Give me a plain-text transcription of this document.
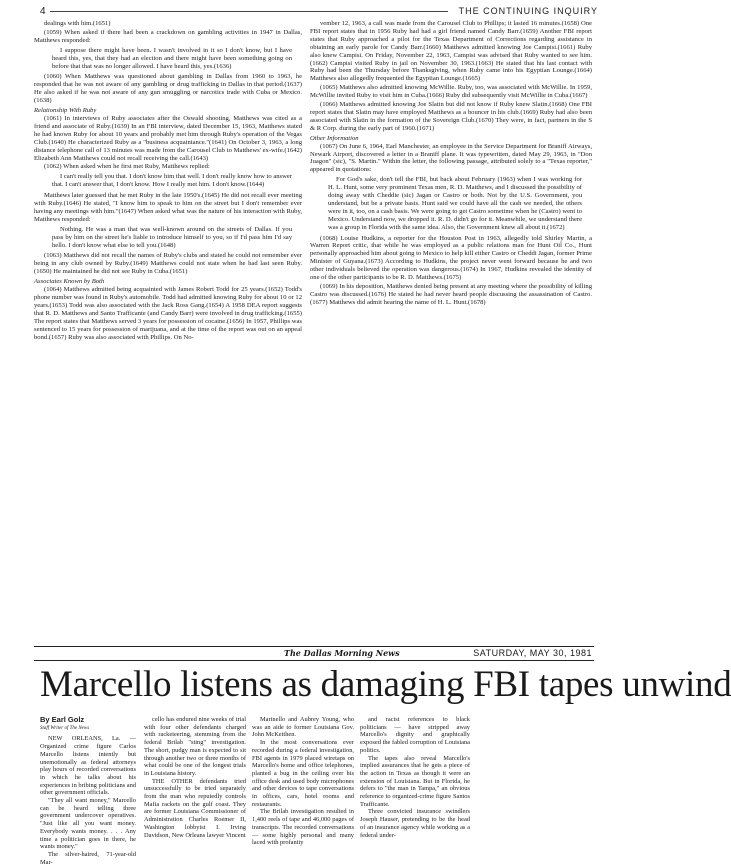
4	THE CONTINUING INQUIRY

dealings with him.(1651)

(1059) When asked if there had been a crackdown on gambling activities in 1947 in Dallas, Matthews responded:

I suppose there might have been. I wasn't involved in it so I don't know, but I have heard this, yes, that they had an election and there might have been something going on before that that was no longer allowed. I have heard this, yes.(1636)

(1060) When Matthews was questioned about gambling in Dallas from 1960 to 1963, he responded that he was not aware of any gambling or drug trafficking in Dallas in that period.(1637) He also asked if he was not aware of any gun smuggling or narcotics trade with Cuba or Mexico.(1638)

Relationship With Ruby

(1061) In interviews of Ruby associates after the Oswald shooting, Matthews was cited as a friend and associate of Ruby.(1639) In an FBI interview, dated December 15, 1963, Matthews stated he had known Ruby for about 10 years and probably met him through Ruby's operation of the Vegas Club.(1640) He characterized Ruby as a "business acquaintance."(1641) On October 3, 1963, a long distance telephone call of 13 minutes was made from the Carousel Club to Matthews' ex-wife.(1642) Elizabeth Ann Matthews could not recall receiving the call.(1643)

(1062) When asked when he first met Ruby, Matthews replied:

I can't really tell you that. I don't know him that well. I don't really know how to answer that. I can't answer that, I don't know. How I really met him. I don't know.(1644)

Matthews later guessed that he met Ruby in the late 1950's.(1645) He did not recall ever meeting with Ruby.(1646) He stated, "I know him to speak to him on the street but I don't remember ever having any meetings with him."(1647) When asked what was the nature of his interaction with Ruby, Matthews responded:

Nothing. He was a man that was well-known around on the streets of Dallas. If you pass by him on the street he's liable to introduce himself to you, so if I'd pass him I'd say hello. I don't know what else to tell you.(1648)

(1063) Matthews did not recall the names of Ruby's clubs and stated he could not remember ever being in any club owned by Ruby.(1649) Matthews could not state when he had last seen Ruby.(1650) He maintained he did not see Ruby in Cuba.(1651)

Associates Known by Both

(1064) Matthews admitted being acquainted with James Robert Todd for 25 years.(1652) Todd's phone number was found in Ruby's automobile. Todd had admitted knowing Ruby for about 10 or 12 years.(1653) Todd was also associated with the Jack Ross Gang.(1654) A 1958 DEA report suggests that R. D. Matthews and Santo Trafficante (and Candy Barr) were involved in drug trafficking.(1655) The report states that Matthews served 3 years for possession of cocaine.(1656) In 1957, Phillips was sentenced to 15 years for possession of marijuana, and at the time of the report was out on an appeal bond.(1657) Ruby was also associated with Phillips. On No-

vember 12, 1963, a call was made from the Carousel Club to Phillips; it lasted 16 minutes.(1658) One FBI report states that in 1956 Ruby had had a girl friend named Candy Barr.(1659) Another FBI report states that Ruby approached a pilot for the Texas Department of Corrections regarding assistance in obtaining an early parole for Candy Barr.(1660) Matthews admitted knowing Joe Campisi.(1661) Ruby also knew Campisi. On Friday, November 22, 1963, Campisi was advised that Ruby wanted to see him.(1662) Campisi visited Ruby in jail on November 30, 1963.(1663) He stated that his last contact with Ruby had been the Thursday before Thanksgiving, when Ruby came into his Egyptian Lounge.(1664) Matthews also allegedly frequented the Egyptian Lounge.(1665)

(1065) Matthews also admitted knowing McWillie. Ruby, too, was associated with McWillie. In 1959, McWillie invited Ruby to visit him in Cuba.(1666) Ruby did subsequently visit McWillie in Cuba.(1667)

(1066) Matthews admitted knowing Joe Slatin but did not know if Ruby knew Slatin.(1668) One FBI report states that Slatin may have employed Matthews as a bouncer in his club.(1669) Ruby had also been associated with Slatin in the formation of the Sovereign Club.(1670) They were, in fact, partners in the S & R Corp. during the early part of 1960.(1671)

Other Information

(1067) On June 6, 1964, Earl Manchester, an employee in the Service Department for Braniff Airways, Newark Airport, discovered a letter in a Braniff plane. It was typewritten, dated May 29, 1963, in "Don Juagon" (sic), "S. Martin." Within the letter, the following passage, attributed solely to a "Texas reporter," appeared in quotations:

For God's sake, don't tell the FBI, but back about February (1963) when I was working for H. L. Hunt, some very prominent Texas men, R. D. Matthews, and I discussed the possibility of doing away with Cheddie (sic) Jagan or Castro or both. Not by the U.S. Government, you understand, but be a private basis. Hunt said we could have all the cash we needed, the others were in it, too, on a cash basis. We were going to get Castro sometime when he (Castro) went to Mexico. Understand now, we dropped it. R. D. didn't go for it. Meanwhile, we understand there was a group in Florida with the same idea. Also, the Government knew all about it.(1672)

(1068) Louise Hudkins, a reporter for the Houston Post in 1963, allegedly told Shirley Martin, a Warren Report critic, that while he was employed as a public relations man for Hunt Oil Co., Hunt personally approached him about going to Mexico to help kill either Castro or Cheddi Jagan, former Prime Minister of Guyana.(1673) According to Hudkins, the project never went forward because he and two other individuals believed the operation was dangerous.(1674) In 1967, Hudkins revealed the identity of one of the other participants to be R. D. Matthews.(1675)

(1069) In his deposition, Matthews denied being present at any meeting where the possibility of killing Castro was discussed.(1676) He stated he had never heard people discussing the assassination of Castro.(1677) Matthews did admit hearing the name of H. L. Hunt.(1678)

The Dallas Morning News	SATURDAY, MAY 30, 1981
Marcello listens as damaging FBI tapes unwind
By Earl Golz
Staff Writer of The News

NEW ORLEANS, La. — Organized crime figure Carlos Marcello listens intently but unemotionally as federal attorneys play hours of recorded conversations in which he talks about his experiences in bribing politicians and other government officials.

"They all want money," Marcello can be heard telling three government undercover operatives. "Just like all you want money. Everybody wants money. . . . Any time a politician goes in there, he wants money."

The silver-haired, 71-year-old Mar-

cello has endured nine weeks of trial with four other defendants charged with racketeering, stemming from the federal Brilab "sting" investigation. The short, pudgy man is expected to sit through another two or three months of what could be one of the longest trials in Louisiana history.

THE OTHER defendants tried unsuccessfully to be tried separately from the man who reputedly controls Mafia rackets on the gulf coast. They are former Louisiana Commissioner of Administration Charles Roemer II, Washington lobbyist I. Irving Davidson, New Orleans lawyer Vincent

Marinello and Aubrey Young, who was an aide to former Louisiana Gov. John McKeithen.

In the most conversations ever recorded during a federal investigation, FBI agents in 1979 placed wiretaps on Marcello's home and office telephones, planted a bug in the ceiling over his office desk and used body microphones and other devices to tape conversations in offices, cars, hotel rooms and restaurants.

The Brilab investigation resulted in 1,400 reels of tape and 46,000 pages of transcripts. The recorded conversations — some highly personal and many laced with profanity

and racist references to black politicians — have stripped away Marcello's dignity and graphically exposed the fabled corruption of Louisiana politics.

The tapes also reveal Marcello's implied assurances that he gets a piece of the action in Texas as though it were an extension of Louisiana. But in Florida, he defers to "the man in Tampa," an obvious reference to organized-crime figure Santos Trafficante.

Three convicted insurance swindlers Joseph Hauser, pretending to be the head of an insurance agency while working as a federal under-
